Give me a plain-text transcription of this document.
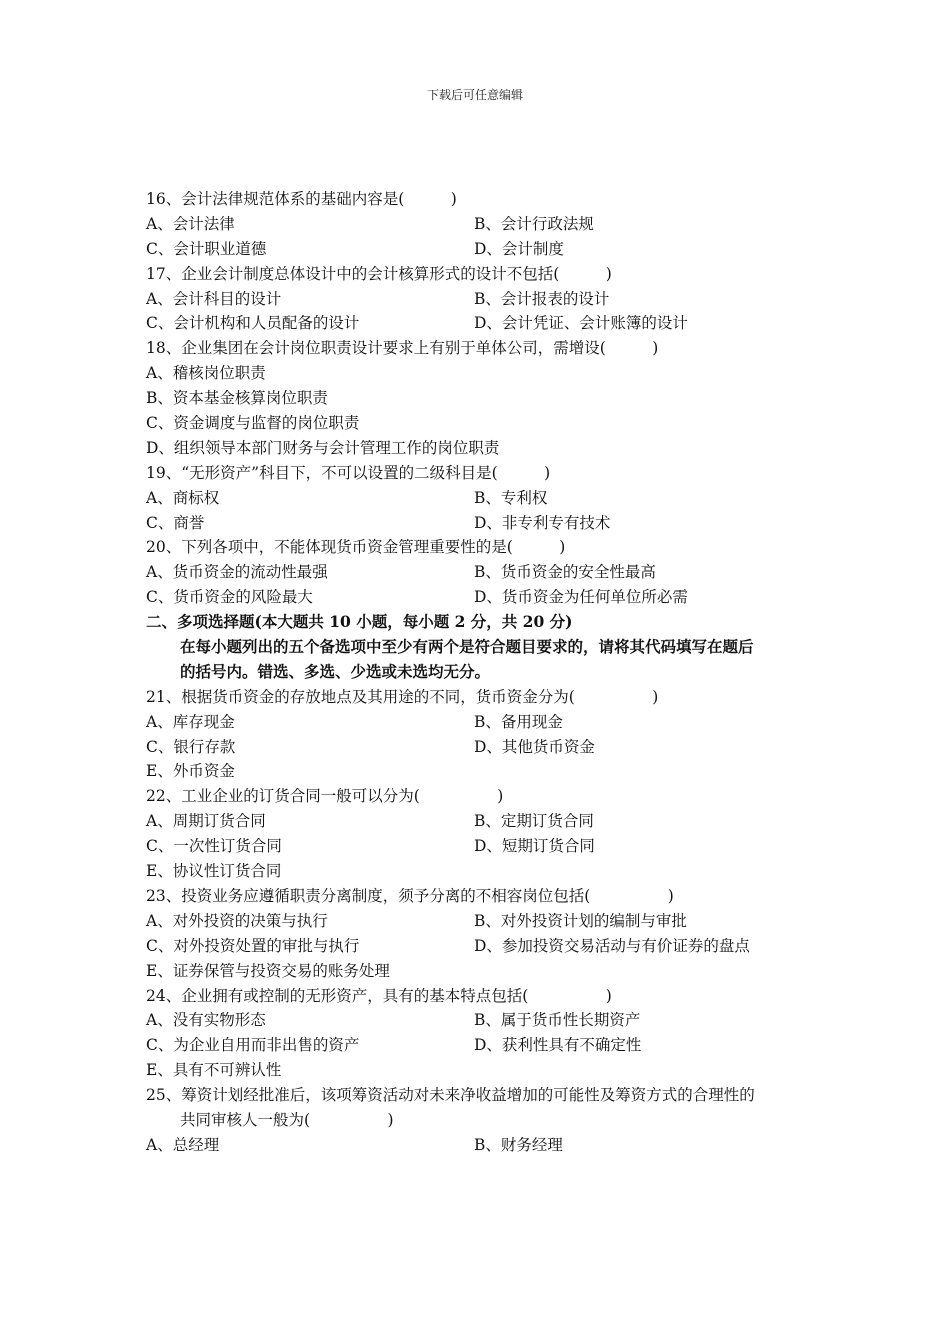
下载后可任意编辑
16、会计法律规范体系的基础内容是(　　　)
A、会计法律	B、会计行政法规
C、会计职业道德	D、会计制度
17、企业会计制度总体设计中的会计核算形式的设计不包括(　　　)
A、会计科目的设计	B、会计报表的设计
C、会计机构和人员配备的设计	D、会计凭证、会计账簿的设计
18、企业集团在会计岗位职责设计要求上有别于单体公司，需增设(　　　)
A、稽核岗位职责
B、资本基金核算岗位职责
C、资金调度与监督的岗位职责
D、组织领导本部门财务与会计管理工作的岗位职责
19、“无形资产”科目下，不可以设置的二级科目是(　　　)
A、商标权	B、专利权
C、商誉	D、非专利专有技术
20、下列各项中，不能体现货币资金管理重要性的是(　　　)
A、货币资金的流动性最强	B、货币资金的安全性最高
C、货币资金的风险最大	D、货币资金为任何单位所必需
二、多项选择题(本大题共 10 小题，每小题 2 分，共 20 分)
在每小题列出的五个备选项中至少有两个是符合题目要求的，请将其代码填写在题后
的括号内。错选、多选、少选或未选均无分。
21、根据货币资金的存放地点及其用途的不同，货币资金分为(　　　　　)
A、库存现金	B、备用现金
C、银行存款	D、其他货币资金
E、外币资金
22、工业企业的订货合同一般可以分为(　　　　　)
A、周期订货合同	B、定期订货合同
C、一次性订货合同	D、短期订货合同
E、协议性订货合同
23、投资业务应遵循职责分离制度，须予分离的不相容岗位包括(　　　　　)
A、对外投资的决策与执行	B、对外投资计划的编制与审批
C、对外投资处置的审批与执行	D、参加投资交易活动与有价证券的盘点
E、证券保管与投资交易的账务处理
24、企业拥有或控制的无形资产，具有的基本特点包括(　　　　　)
A、没有实物形态	B、属于货币性长期资产
C、为企业自用而非出售的资产	D、获利性具有不确定性
E、具有不可辨认性
25、筹资计划经批准后，该项筹资活动对未来净收益增加的可能性及筹资方式的合理性的
共同审核人一般为(　　　　　)
A、总经理	B、财务经理
